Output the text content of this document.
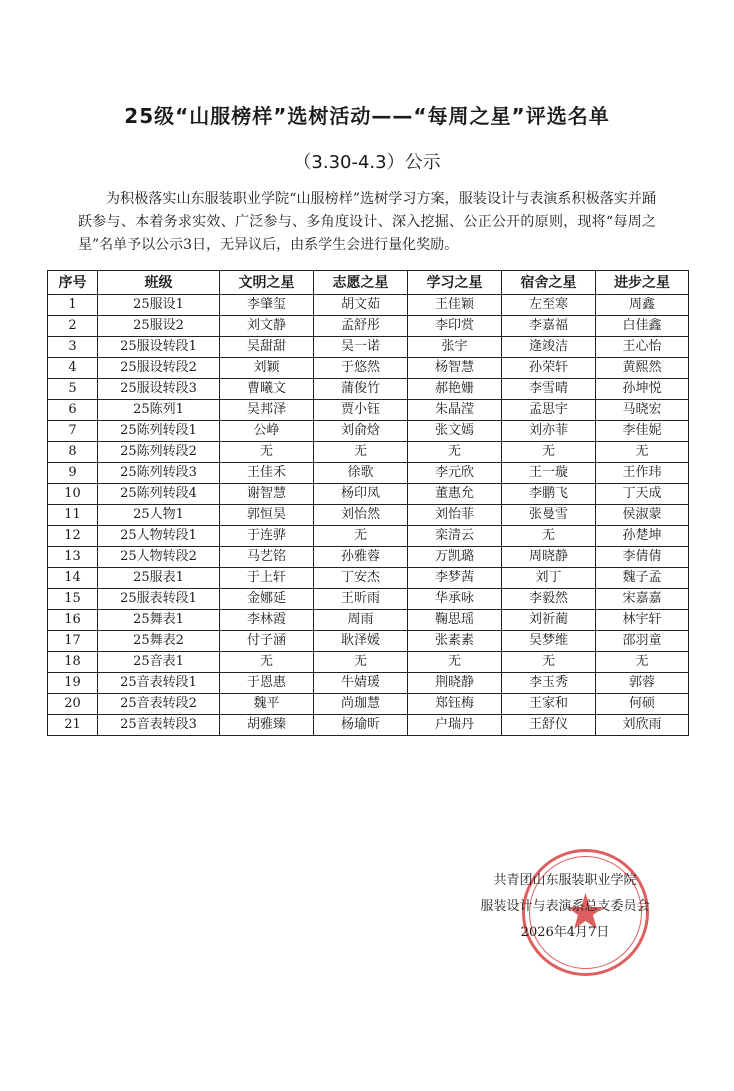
25级“山服榜样”选树活动——“每周之星”评选名单
（3.30-4.3）公示
为积极落实山东服装职业学院“山服榜样”选树学习方案，服装设计与表演系积极落实并踊跃参与、本着务求实效、广泛参与、多角度设计、深入挖掘、公正公开的原则，现将“每周之星”名单予以公示3日，无异议后，由系学生会进行量化奖励。
序号	班级	文明之星	志愿之星	学习之星	宿舍之星	进步之星
1	25服设1	李肇玺	胡文茹	王佳颖	左至寒	周鑫
2	25服设2	刘文静	孟舒彤	李印赏	李嘉福	白佳鑫
3	25服设转段1	吴甜甜	吴一诺	张宇	逄竣洁	王心怡
4	25服设转段2	刘颖	于悠然	杨智慧	孙荣轩	黄熙然
5	25服设转段3	曹曦文	蒲俊竹	郝艳姗	李雪晴	孙坤悦
6	25陈列1	吴邦泽	贾小钰	朱晶滢	孟思宇	马晓宏
7	25陈列转段1	公峥	刘俞焓	张文嫣	刘亦菲	李佳妮
8	25陈列转段2	无	无	无	无	无
9	25陈列转段3	王佳禾	徐歌	李元欣	王一璇	王作玮
10	25陈列转段4	谢智慧	杨印凤	董惠允	李鹏飞	丁天成
11	25人物1	郭恒昊	刘怡然	刘怡菲	张曼雪	侯淑蒙
12	25人物转段1	于连骅	无	栾清云	无	孙楚坤
13	25人物转段2	马艺铭	孙雅蓉	万凯璐	周晓静	李倩倩
14	25服表1	于上轩	丁安杰	李梦茜	刘丁	魏子孟
15	25服表转段1	金娜延	王昕雨	华承咏	李毅然	宋嘉嘉
16	25舞表1	李林霞	周雨	鞠思瑶	刘祈蔺	林宇轩
17	25舞表2	付子涵	耿泽媛	张素素	吴梦维	邵羽童
18	25音表1	无	无	无	无	无
19	25音表转段1	于恩惠	牛婧瑗	荆晓静	李玉秀	郭蓉
20	25音表转段2	魏平	尚珈慧	郑钰梅	王家和	何硕
21	25音表转段3	胡雅臻	杨瑜昕	户瑞丹	王舒仪	刘欣雨
共青团山东服装职业学院
服装设计与表演系总支委员会
2026年4月7日
